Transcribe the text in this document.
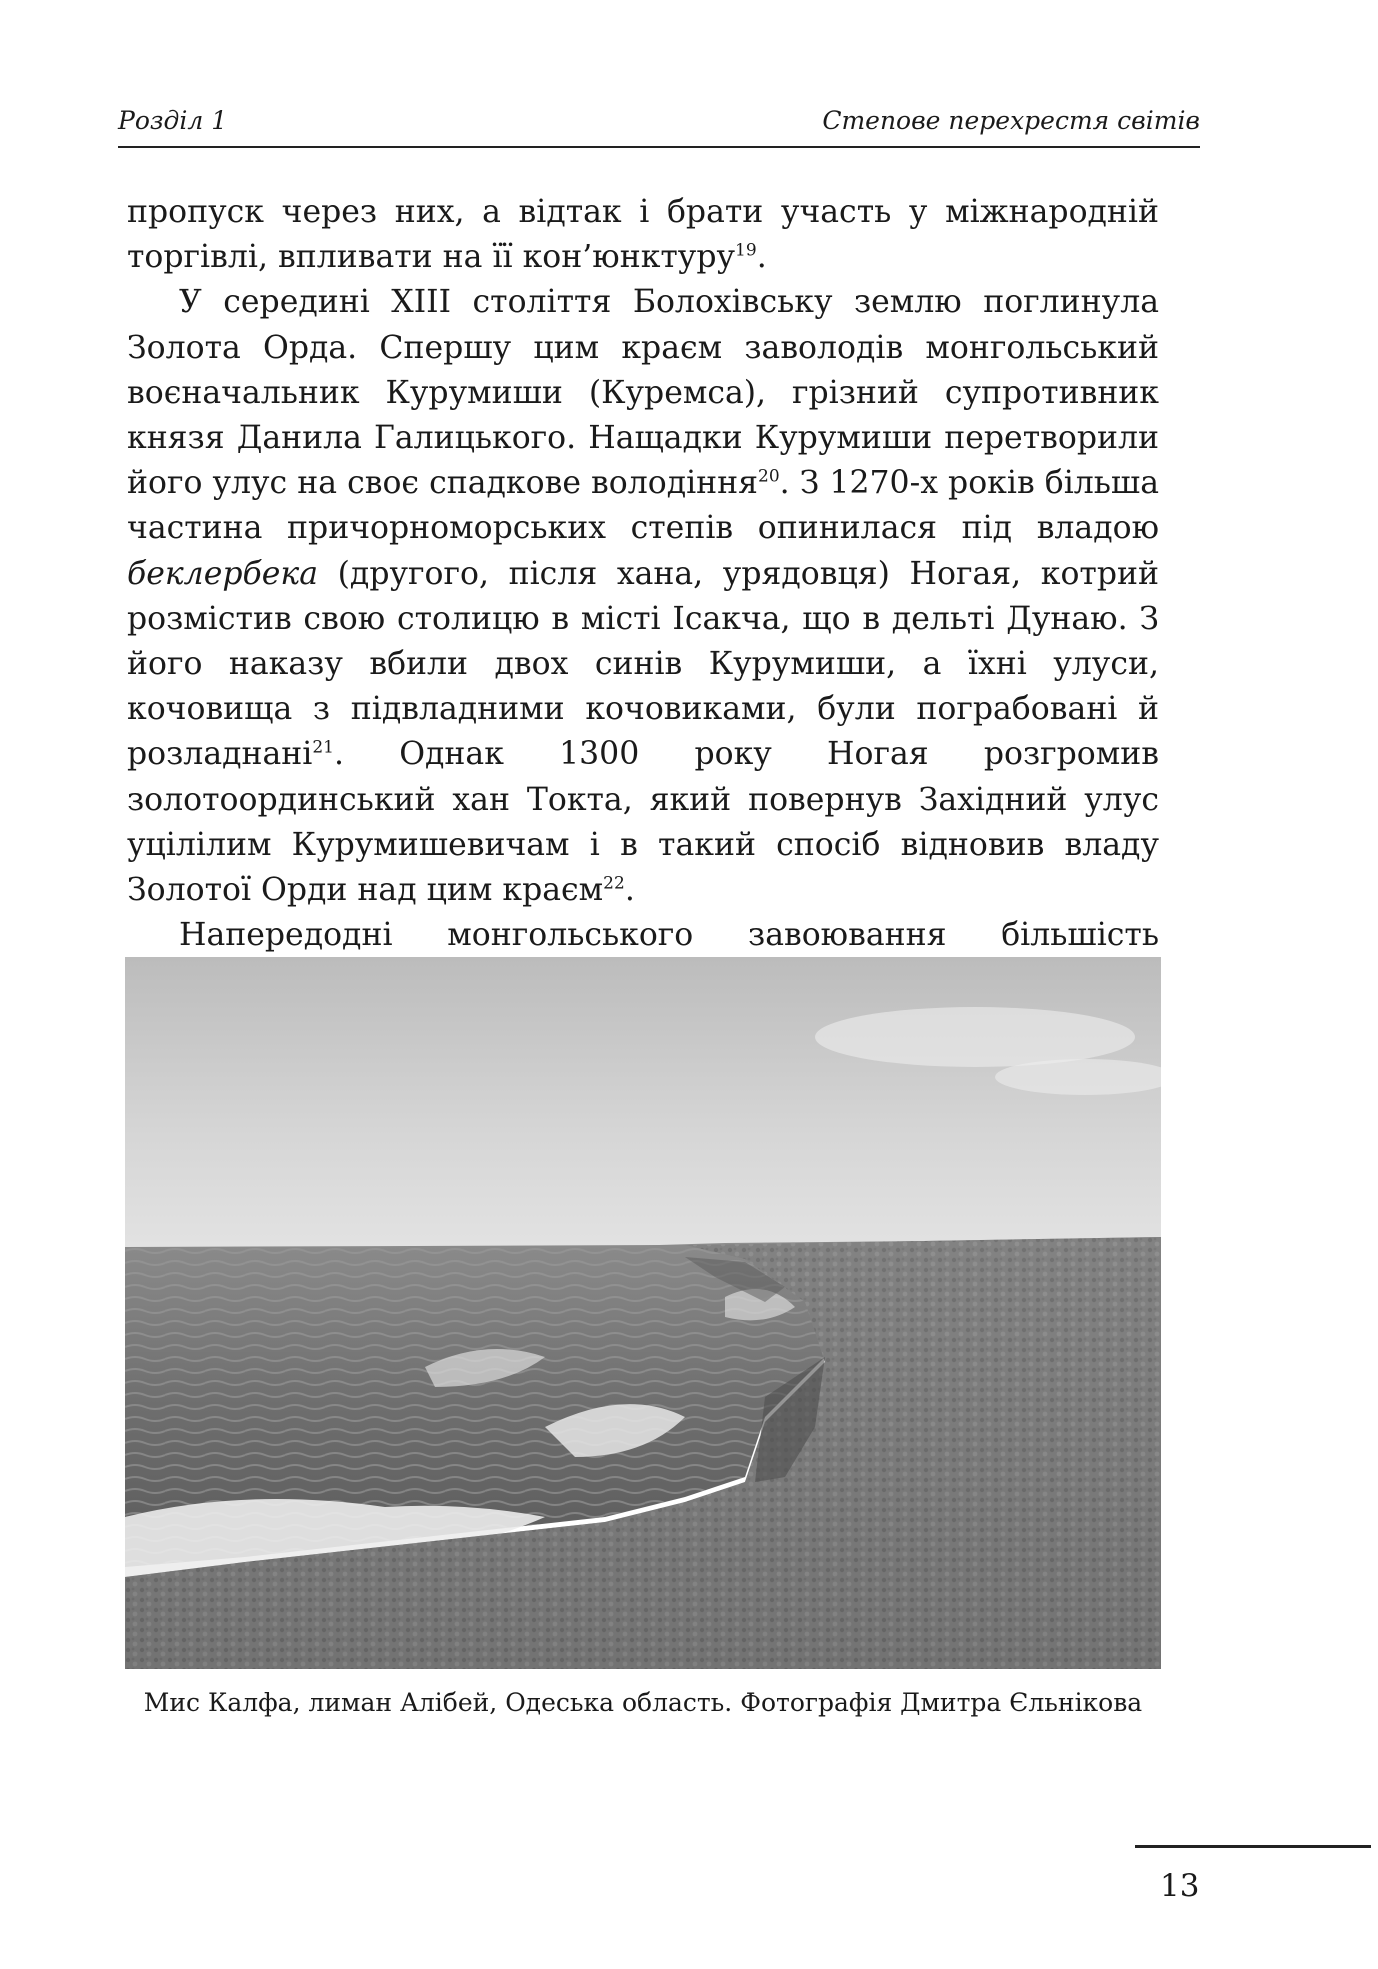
Розділ 1	Степове перехрестя світів

пропуск через них, а відтак і брати участь у міжнародній торгівлі, впливати на її кон’юнктуру$^{19}$.

У середині XIII століття Болохівську землю поглинула Золота Орда. Спершу цим краєм заволодів монгольський воєначальник Курумиши (Куремса), грізний супротивник князя Данила Галицького. Нащадки Курумиши перетворили його улус на своє спадкове володіння$^{20}$. З 1270-х років більша частина причорноморських степів опинилася під владою беклербека (другого, після хана, урядовця) Ногая, котрий розмістив свою столицю в місті Ісакча, що в дельті Дунаю. З його наказу вбили двох синів Курумиши, а їхні улуси, кочовища з підвладними кочовиками, були пограбовані й розладнані$^{21}$. Однак 1300 року Ногая розгромив золотоординський хан Токта, який повернув Західний улус уцілілим Курумишевичам і в такий спосіб відновив владу Золотої Орди над цим краєм$^{22}$.

Напередодні монгольського завоювання більшість

Мис Калфа, лиман Алібей, Одеська область. Фотографія Дмитра Єльнікова
13
